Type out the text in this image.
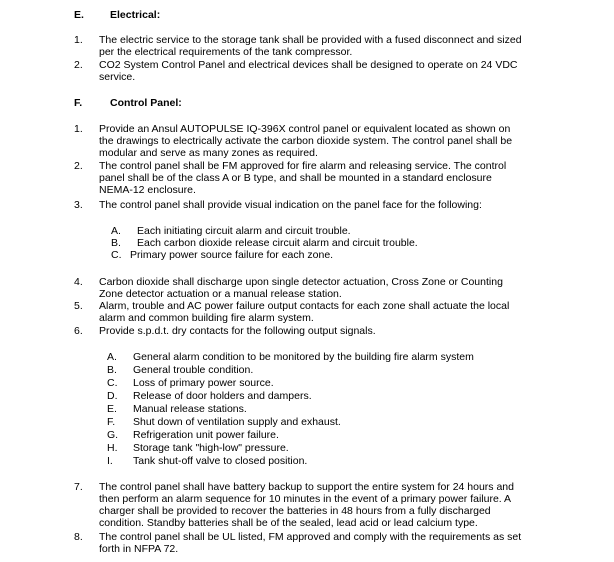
E. Electrical:
1. The electric service to the storage tank shall be provided with a fused disconnect and sized
per the electrical requirements of the tank compressor.
2. CO2 System Control Panel and electrical devices shall be designed to operate on 24 VDC
service.
F.	Control Panel:
1. Provide an Ansul AUTOPULSE IQ-396X control panel or equivalent located as shown on
the drawings to electrically activate the carbon dioxide system. The control panel shall be
modular and serve as many zones as required.
2. The control panel shall be FM approved for fire alarm and releasing service. The control
panel shall be of the class A or B type, and shall be mounted in a standard enclosure
NEMA-12 enclosure.
3. The control panel shall provide visual indication on the panel face for the following:
A. Each initiating circuit alarm and circuit trouble.
B. Each carbon dioxide release circuit alarm and circuit trouble.
C. Primary power source failure for each zone.
4. Carbon dioxide shall discharge upon single detector actuation, Cross Zone or Counting
Zone detector actuation or a manual release station.
5. Alarm, trouble and AC power failure output contacts for each zone shall actuate the local
alarm and common building fire alarm system.
6. Provide s.p.d.t. dry contacts for the following output signals.
A. General alarm condition to be monitored by the building fire alarm system
B. General trouble condition.
C. Loss of primary power source.
D. Release of door holders and dampers.
E. Manual release stations.
F. Shut down of ventilation supply and exhaust.
G. Refrigeration unit power failure.
H. Storage tank "high-low" pressure.
I. Tank shut-off valve to closed position.
7. The control panel shall have battery backup to support the entire system for 24 hours and
then perform an alarm sequence for 10 minutes in the event of a primary power failure. A
charger shall be provided to recover the batteries in 48 hours from a fully discharged
condition. Standby batteries shall be of the sealed, lead acid or lead calcium type.
8. The control panel shall be UL listed, FM approved and comply with the requirements as set
forth in NFPA 72.
